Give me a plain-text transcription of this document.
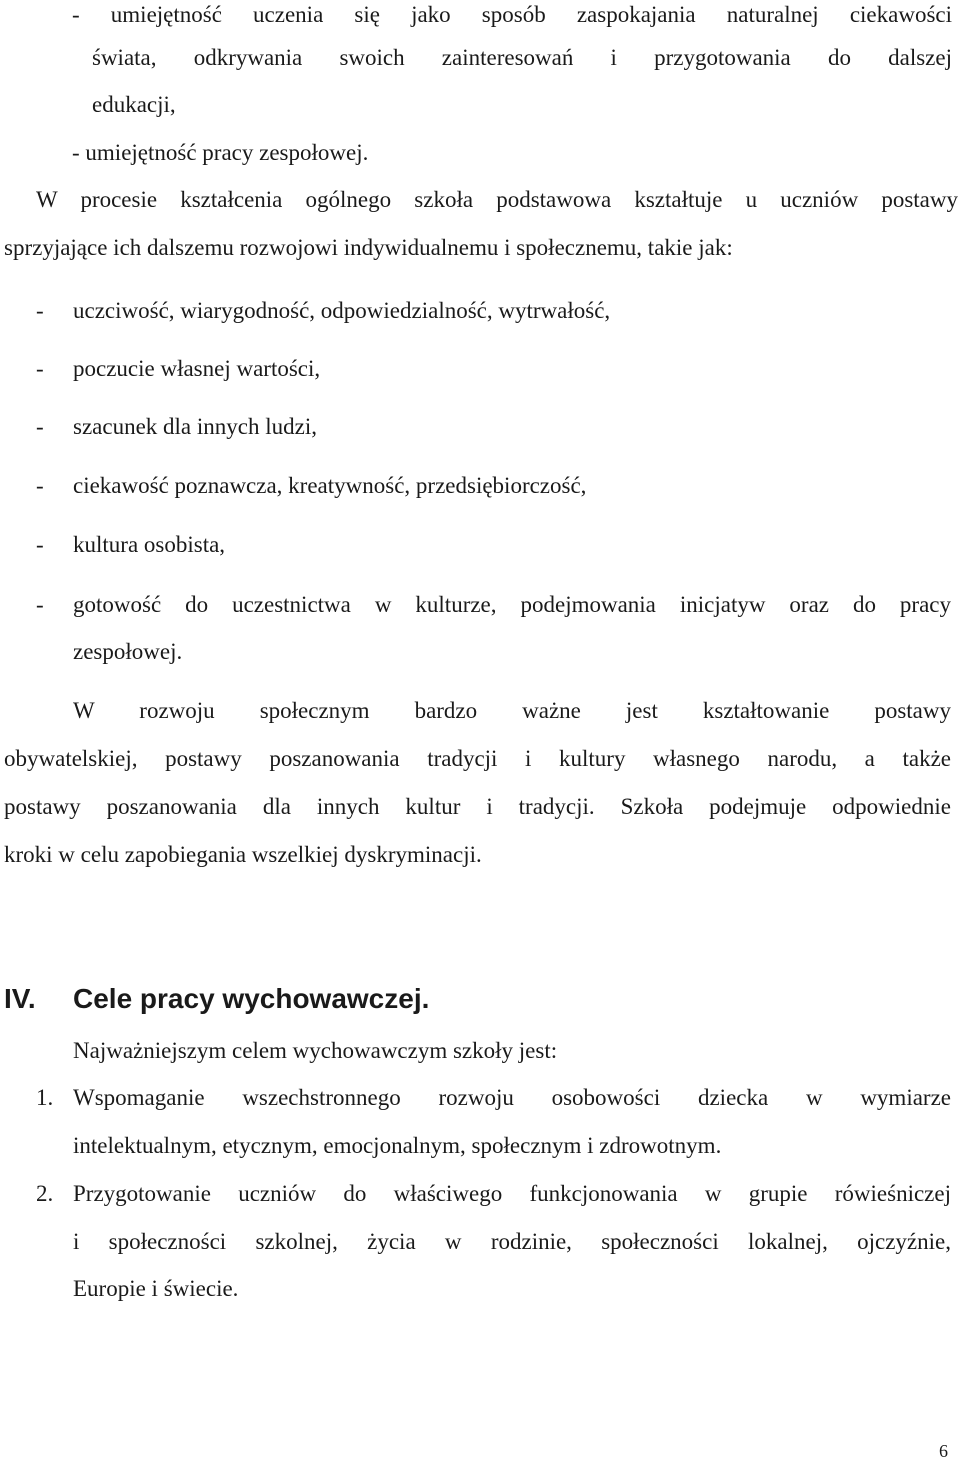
- umiejętność uczenia się jako sposób zaspokajania naturalnej ciekawości
świata, odkrywania swoich zainteresowań i przygotowania do dalszej
edukacji,
- umiejętność pracy zespołowej.
W procesie kształcenia ogólnego szkoła podstawowa kształtuje u uczniów postawy
sprzyjające ich dalszemu rozwojowi indywidualnemu i społecznemu, takie jak:
- uczciwość, wiarygodność, odpowiedzialność, wytrwałość,
- poczucie własnej wartości,
- szacunek dla innych ludzi,
- ciekawość poznawcza, kreatywność, przedsiębiorczość,
- kultura osobista,
- gotowość do uczestnictwa w kulturze, podejmowania inicjatyw oraz do pracy
zespołowej.
W rozwoju społecznym bardzo ważne jest kształtowanie postawy
obywatelskiej, postawy poszanowania tradycji i kultury własnego narodu, a także
postawy poszanowania dla innych kultur i tradycji. Szkoła podejmuje odpowiednie
kroki w celu zapobiegania wszelkiej dyskryminacji.
IV. Cele pracy wychowawczej.
Najważniejszym celem wychowawczym szkoły jest:
1. Wspomaganie wszechstronnego rozwoju osobowości dziecka w wymiarze
intelektualnym, etycznym, emocjonalnym, społecznym i zdrowotnym.
2. Przygotowanie uczniów do właściwego funkcjonowania w grupie rówieśniczej
i społeczności szkolnej, życia w rodzinie, społeczności lokalnej, ojczyźnie,
Europie i świecie.
6
